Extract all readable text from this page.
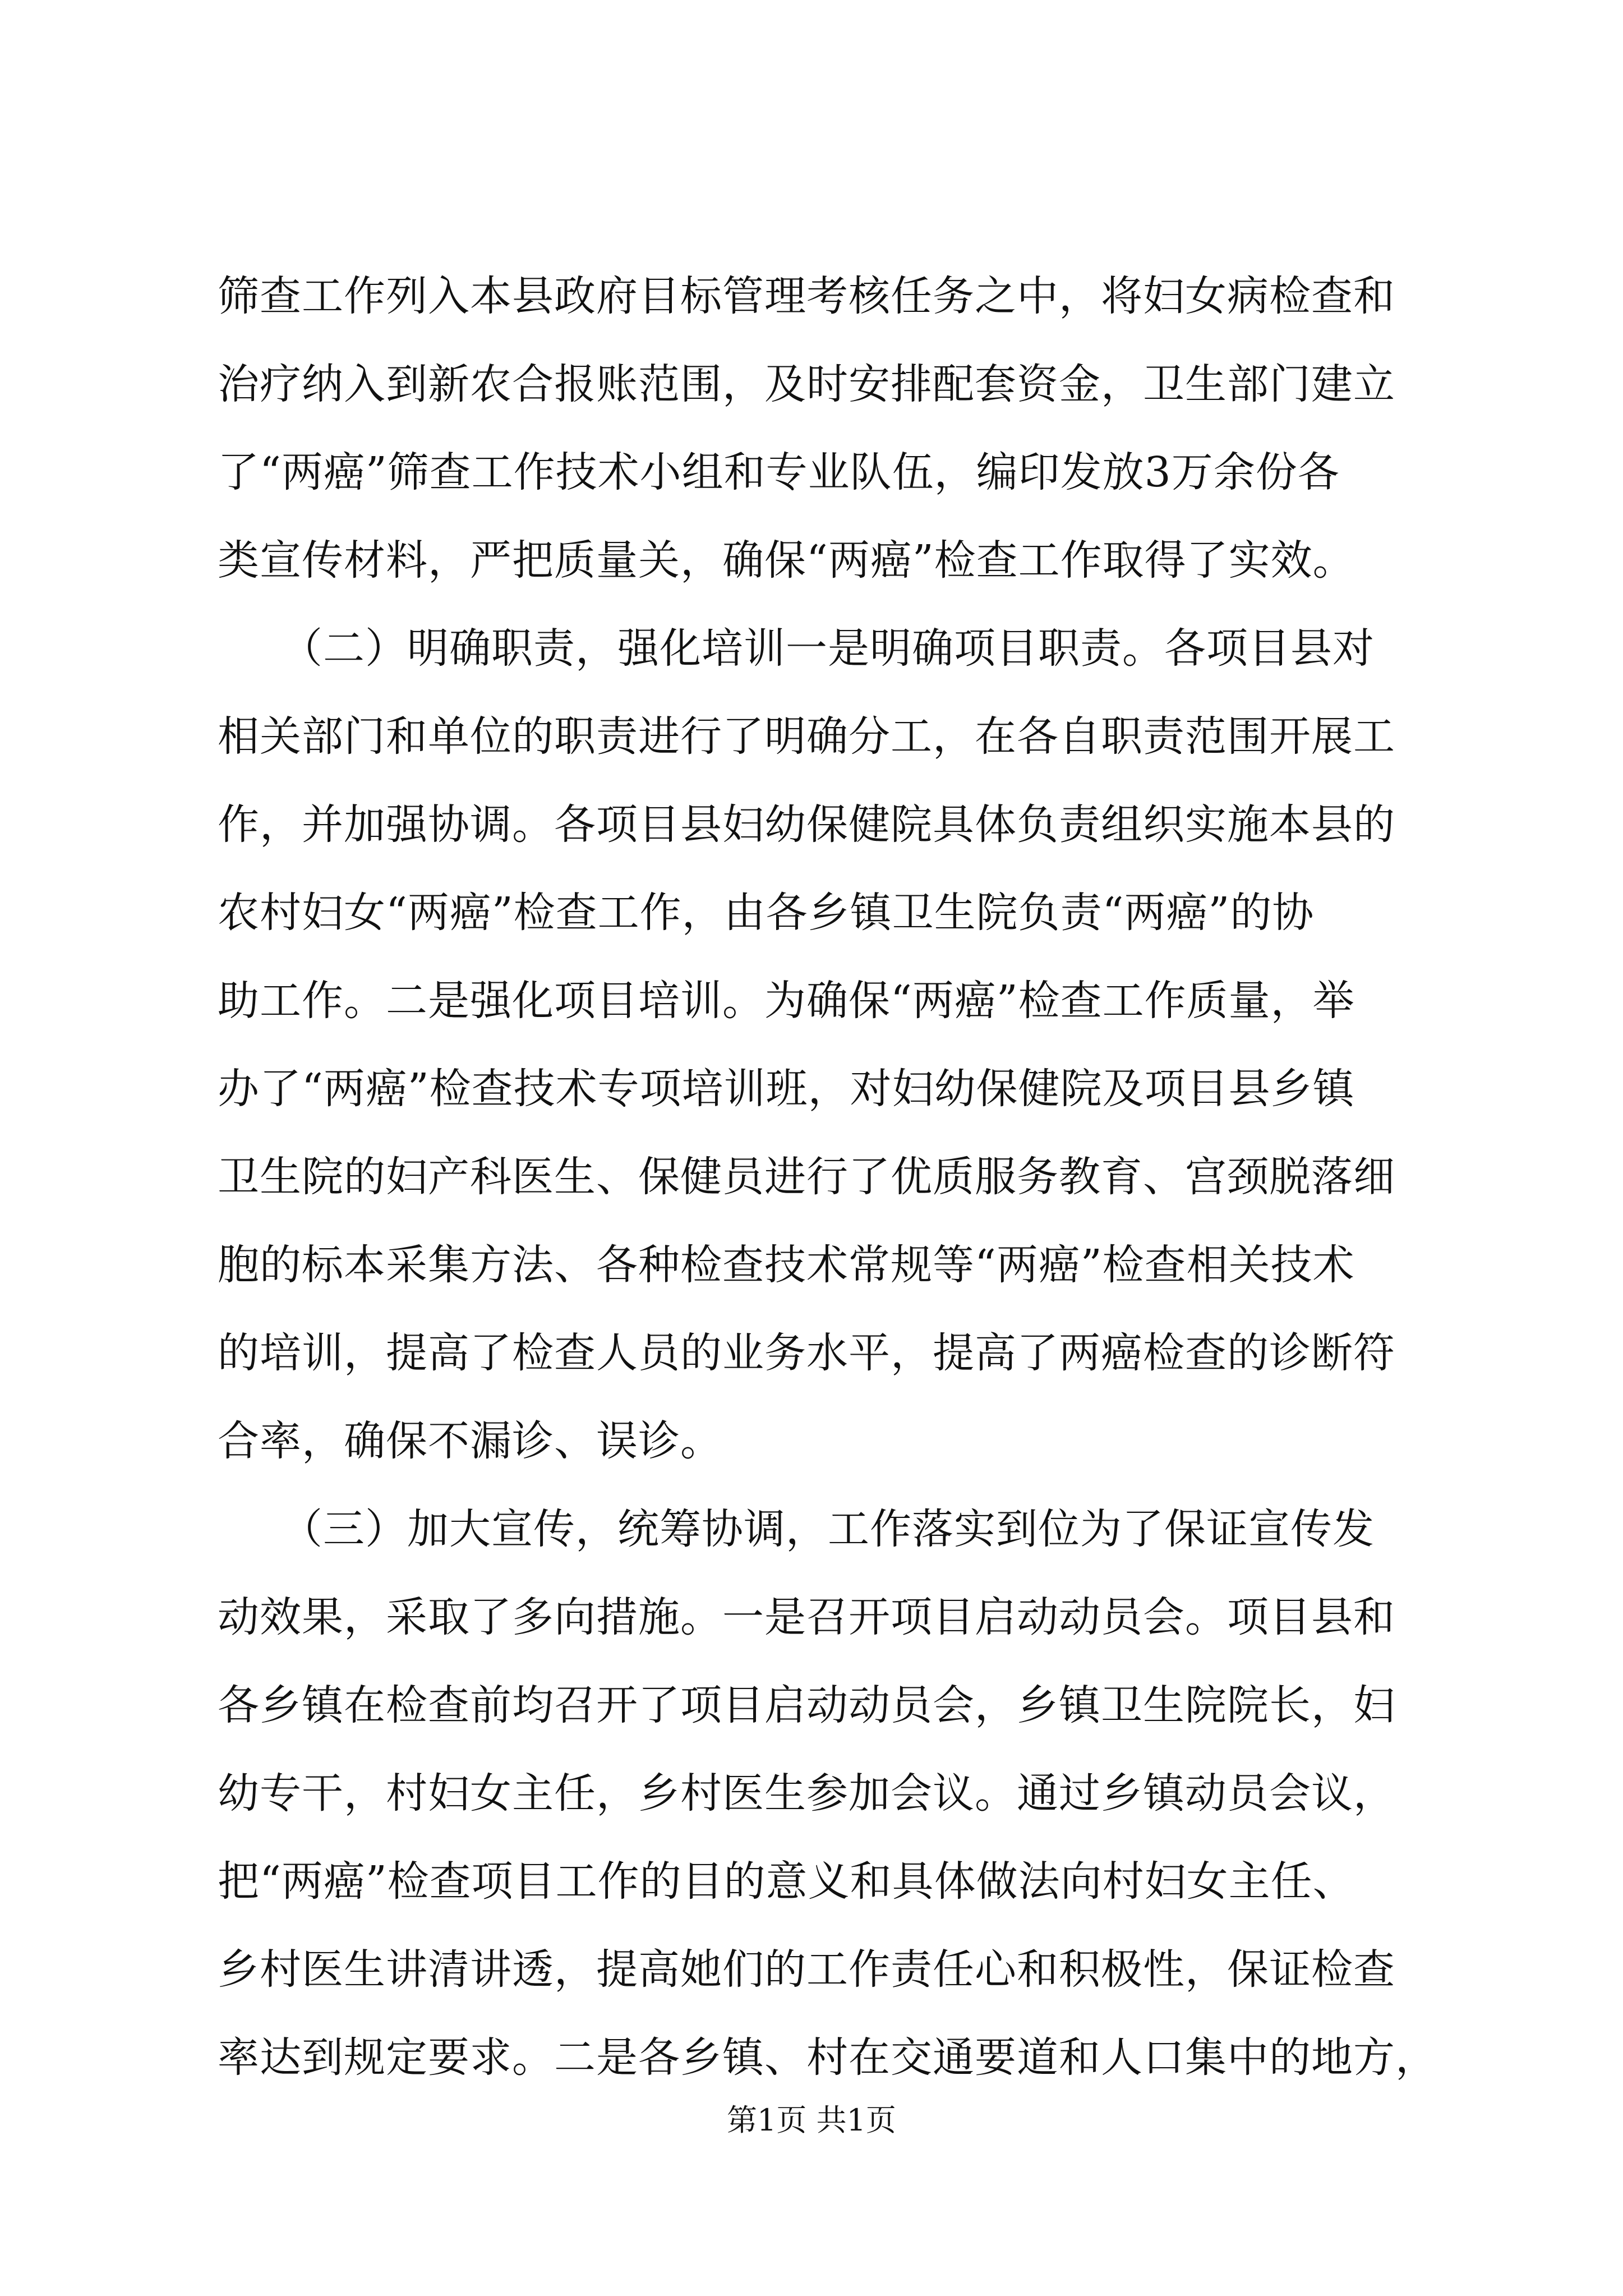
筛查工作列入本县政府目标管理考核任务之中，将妇女病检查和
治疗纳入到新农合报账范围，及时安排配套资金，卫生部门建立
了“两癌”筛查工作技术小组和专业队伍，编印发放3万余份各
类宣传材料，严把质量关，确保“两癌”检查工作取得了实效。
　　（二）明确职责，强化培训一是明确项目职责。各项目县对
相关部门和单位的职责进行了明确分工，在各自职责范围开展工
作，并加强协调。各项目县妇幼保健院具体负责组织实施本县的
农村妇女“两癌”检查工作，由各乡镇卫生院负责“两癌”的协
助工作。二是强化项目培训。为确保“两癌”检查工作质量，举
办了“两癌”检查技术专项培训班，对妇幼保健院及项目县乡镇
卫生院的妇产科医生、保健员进行了优质服务教育、宫颈脱落细
胞的标本采集方法、各种检查技术常规等“两癌”检查相关技术
的培训，提高了检查人员的业务水平，提高了两癌检查的诊断符
合率，确保不漏诊、误诊。
　　（三）加大宣传，统筹协调，工作落实到位为了保证宣传发
动效果，采取了多向措施。一是召开项目启动动员会。项目县和
各乡镇在检查前均召开了项目启动动员会，乡镇卫生院院长，妇
幼专干，村妇女主任，乡村医生参加会议。通过乡镇动员会议，
把“两癌”检查项目工作的目的意义和具体做法向村妇女主任、
乡村医生讲清讲透，提高她们的工作责任心和积极性，保证检查
率达到规定要求。二是各乡镇、村在交通要道和人口集中的地方，
第1页 共1页
